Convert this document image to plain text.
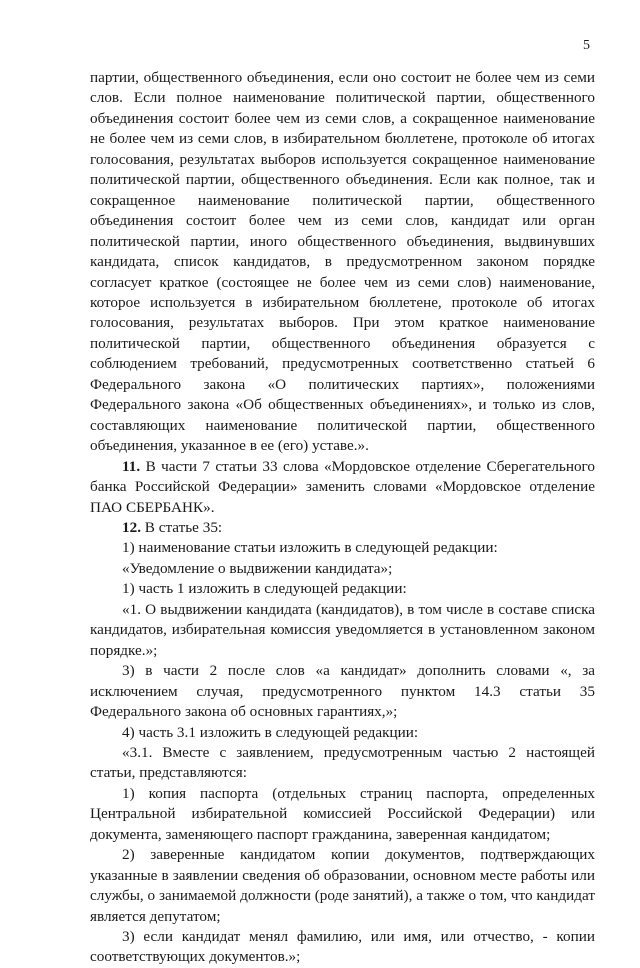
5

партии, общественного объединения, если оно состоит не более чем из семи слов. Если полное наименование политической партии, общественного объединения состоит более чем из семи слов, а сокращенное наименование не более чем из семи слов, в избирательном бюллетене, протоколе об итогах голосования, результатах выборов используется сокращенное наименование политической партии, общественного объединения. Если как полное, так и сокращенное наименование политической партии, общественного объединения состоит более чем из семи слов, кандидат или орган политической партии, иного общественного объединения, выдвинувших кандидата, список кандидатов, в предусмотренном законом порядке согласует краткое (состоящее не более чем из семи слов) наименование, которое используется в избирательном бюллетене, протоколе об итогах голосования, результатах выборов. При этом краткое наименование политической партии, общественного объединения образуется с соблюдением требований, предусмотренных соответственно статьей 6 Федерального закона «О политических партиях», положениями Федерального закона «Об общественных объединениях», и только из слов, составляющих наименование политической партии, общественного объединения, указанное в ее (его) уставе.».

11. В части 7 статьи 33 слова «Мордовское отделение Сберегательного банка Российской Федерации» заменить словами «Мордовское отделение ПАО СБЕРБАНК».

12. В статье 35:

1) наименование статьи изложить в следующей редакции:

«Уведомление о выдвижении кандидата»;

1) часть 1 изложить в следующей редакции:

«1. О выдвижении кандидата (кандидатов), в том числе в составе списка кандидатов, избирательная комиссия уведомляется в установленном законом порядке.»;

3) в части 2 после слов «а кандидат» дополнить словами «, за исключением случая, предусмотренного пунктом 14.3 статьи 35 Федерального закона об основных гарантиях,»;

4) часть 3.1 изложить в следующей редакции:

«3.1. Вместе с заявлением, предусмотренным частью 2 настоящей статьи, представляются:

1) копия паспорта (отдельных страниц паспорта, определенных Центральной избирательной комиссией Российской Федерации) или документа, заменяющего паспорт гражданина, заверенная кандидатом;

2) заверенные кандидатом копии документов, подтверждающих указанные в заявлении сведения об образовании, основном месте работы или службы, о занимаемой должности (роде занятий), а также о том, что кандидат является депутатом;

3) если кандидат менял фамилию, или имя, или отчество, - копии соответствующих документов.»;
